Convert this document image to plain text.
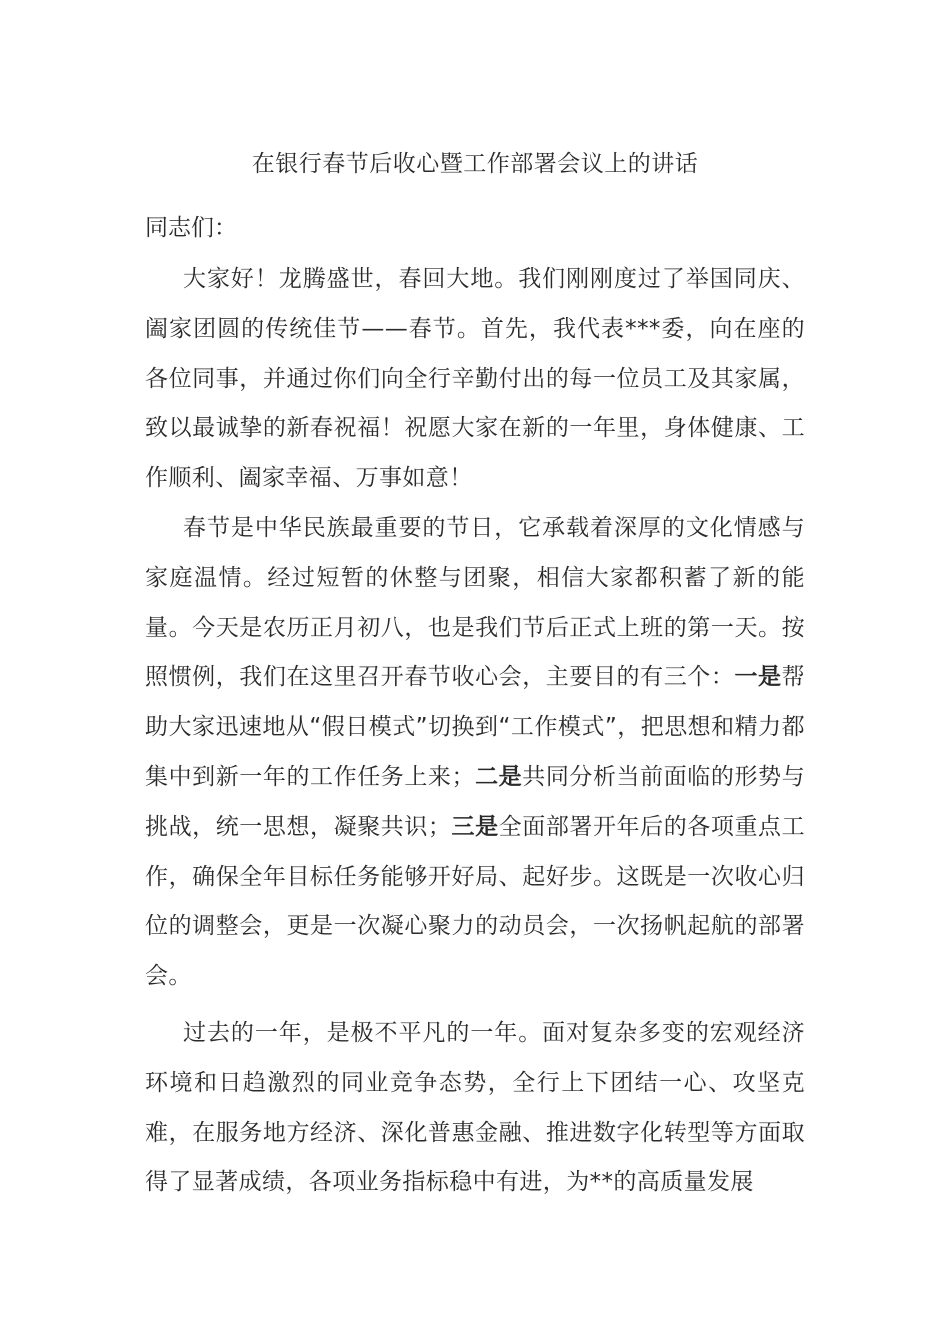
在银行春节后收心暨工作部署会议上的讲话
同志们：

大家好！龙腾盛世，春回大地。我们刚刚度过了举国同庆、阖家团圆的传统佳节——春节。首先，我代表***委，向在座的各位同事，并通过你们向全行辛勤付出的每一位员工及其家属，致以最诚挚的新春祝福！祝愿大家在新的一年里，身体健康、工作顺利、阖家幸福、万事如意！

春节是中华民族最重要的节日，它承载着深厚的文化情感与家庭温情。经过短暂的休整与团聚，相信大家都积蓄了新的能量。今天是农历正月初八，也是我们节后正式上班的第一天。按照惯例，我们在这里召开春节收心会，主要目的有三个：一是帮助大家迅速地从“假日模式”切换到“工作模式”，把思想和精力都集中到新一年的工作任务上来；二是共同分析当前面临的形势与挑战，统一思想，凝聚共识；三是全面部署开年后的各项重点工作，确保全年目标任务能够开好局、起好步。这既是一次收心归位的调整会，更是一次凝心聚力的动员会，一次扬帆起航的部署会。

过去的一年，是极不平凡的一年。面对复杂多变的宏观经济环境和日趋激烈的同业竞争态势，全行上下团结一心、攻坚克难，在服务地方经济、深化普惠金融、推进数字化转型等方面取得了显著成绩，各项业务指标稳中有进，为**的高质量发展
